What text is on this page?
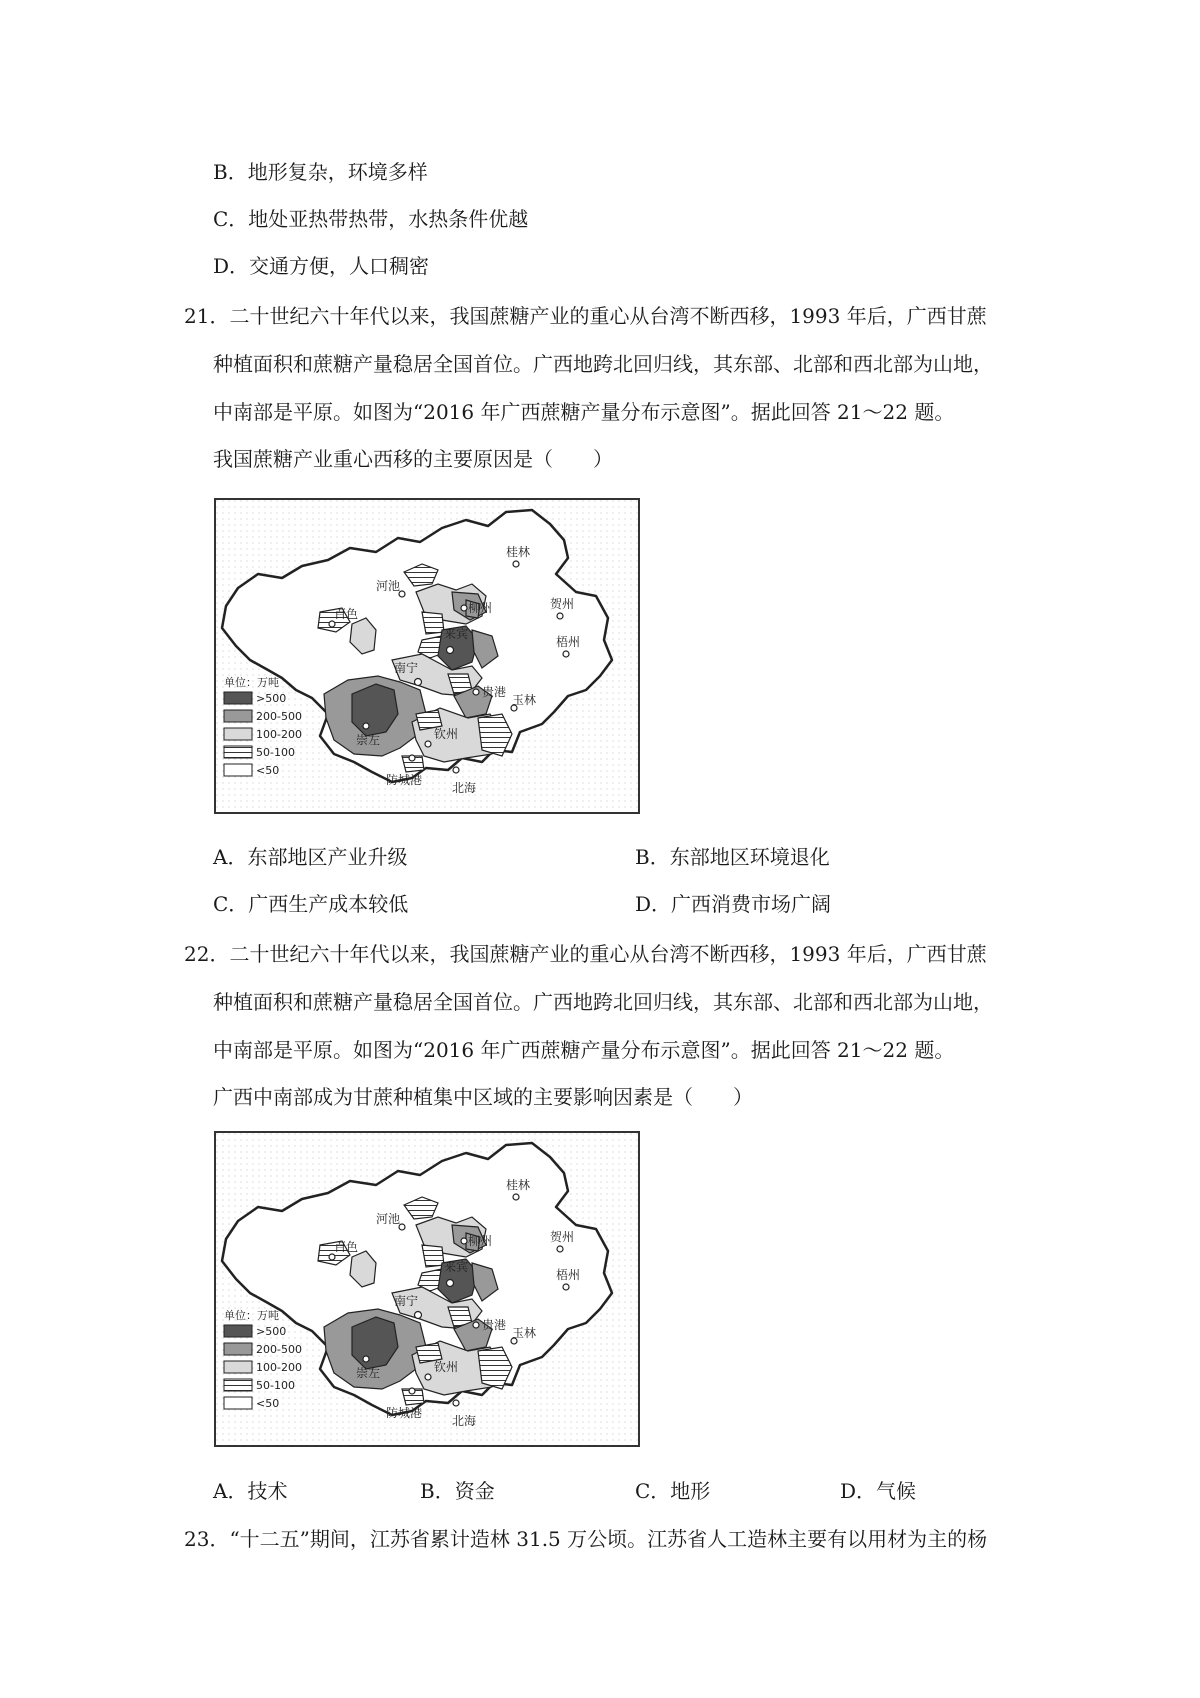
B．地形复杂，环境多样
C．地处亚热带热带，水热条件优越
D．交通方便，人口稠密
21．二十世纪六十年代以来，我国蔗糖产业的重心从台湾不断西移，1993 年后，广西甘蔗
种植面积和蔗糖产量稳居全国首位。广西地跨北回归线，其东部、北部和西北部为山地，
中南部是平原。如图为“2016 年广西蔗糖产量分布示意图”。据此回答 21～22 题。
我国蔗糖产业重心西移的主要原因是（　　）
桂林
河池
柳州	贺州
百色
来宾
梧州
南宁
贵港
玉林
崇左	钦州
防城港
北海
单位：万吨
>500
200-500
100-200
50-100
<50
A．东部地区产业升级	B．东部地区环境退化
C．广西生产成本较低	D．广西消费市场广阔
22．二十世纪六十年代以来，我国蔗糖产业的重心从台湾不断西移，1993 年后，广西甘蔗
种植面积和蔗糖产量稳居全国首位。广西地跨北回归线，其东部、北部和西北部为山地，
中南部是平原。如图为“2016 年广西蔗糖产量分布示意图”。据此回答 21～22 题。
广西中南部成为甘蔗种植集中区域的主要影响因素是（　　）
桂林
河池
柳州	贺州
百色
来宾
梧州
南宁
贵港
玉林
崇左	钦州
防城港
北海
单位：万吨
>500
200-500
100-200
50-100
<50
A．技术	B．资金	C．地形	D．气候
23．“十二五”期间，江苏省累计造林 31.5 万公顷。江苏省人工造林主要有以用材为主的杨
